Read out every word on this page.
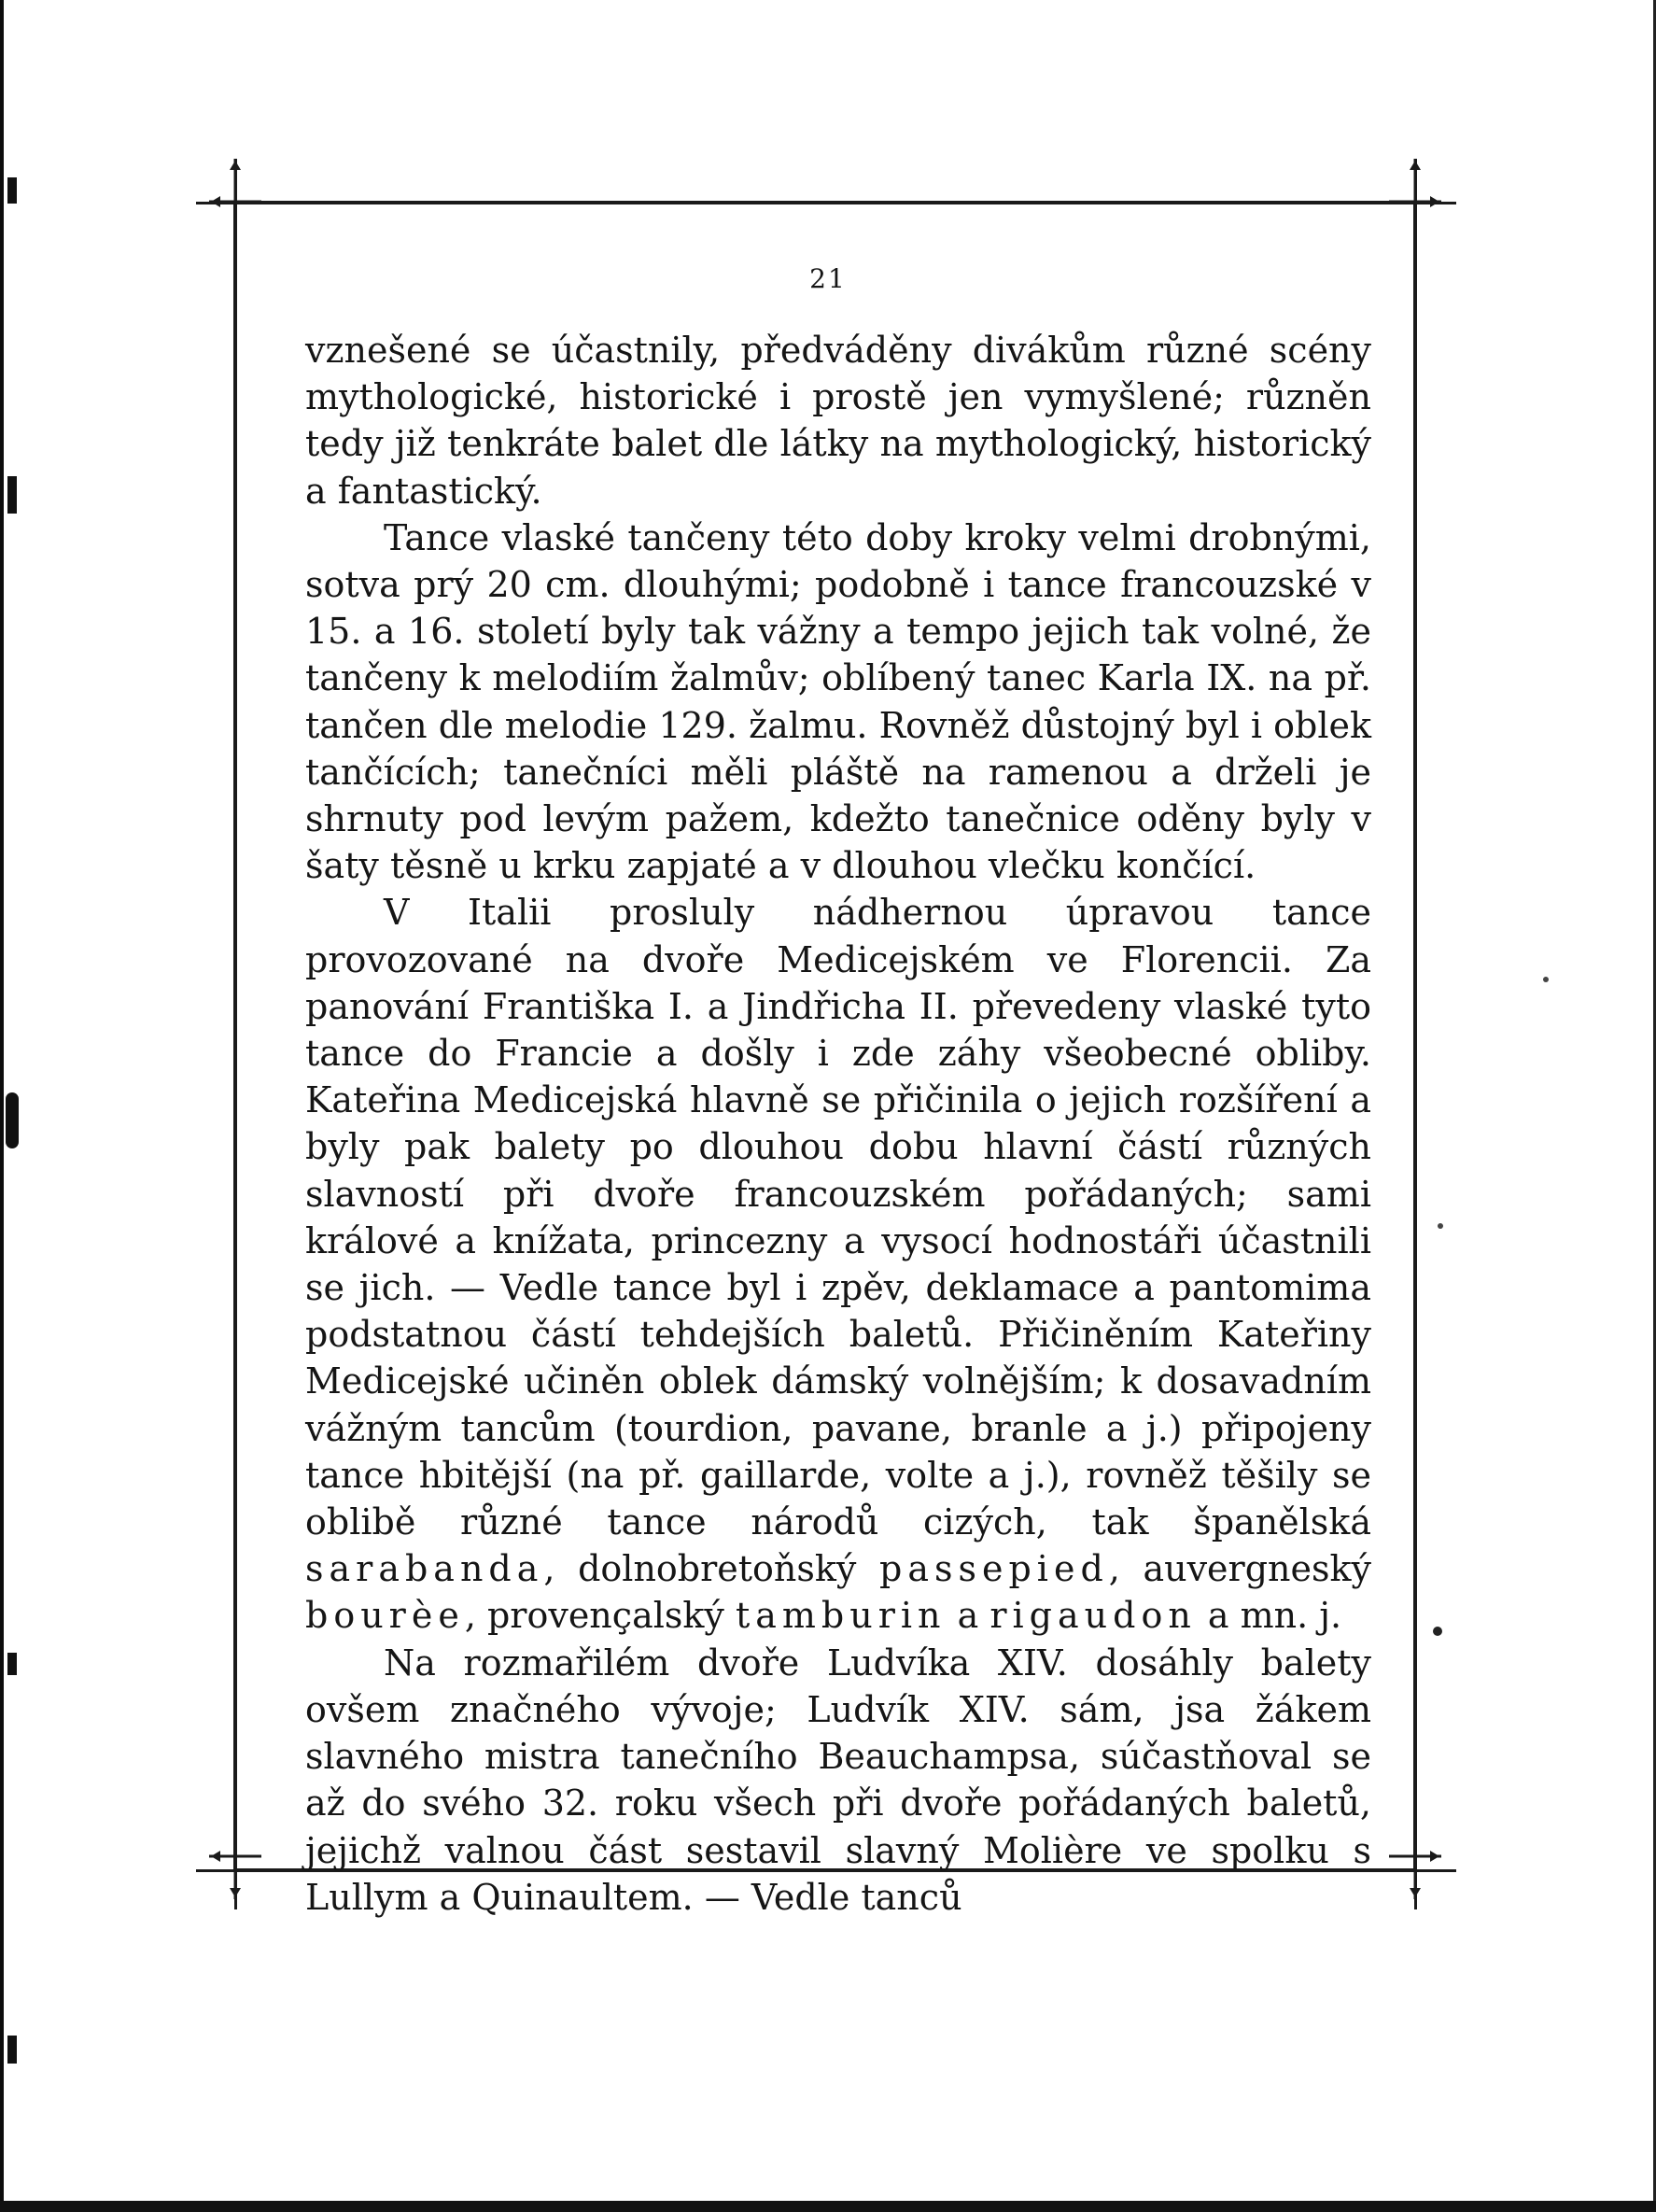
21

vznešené se účastnily, předváděny divákům různé scény mythologické, historické i prostě jen vymyšlené; různěn tedy již tenkráte balet dle látky na mythologický, historický a fantastický.

Tance vlaské tančeny této doby kroky velmi drobnými, sotva prý 20 cm. dlouhými; podobně i tance francouzské v 15. a 16. století byly tak vážny a tempo jejich tak volné, že tančeny k melodiím žalmův; oblíbený tanec Karla IX. na př. tančen dle melodie 129. žalmu. Rovněž důstojný byl i oblek tančících; tanečníci měli pláště na ramenou a drželi je shrnuty pod levým pažem, kdežto tanečnice oděny byly v šaty těsně u krku zapjaté a v dlouhou vlečku končící.

V Italii prosluly nádhernou úpravou tance provozované na dvoře Medicejském ve Florencii. Za panování Františka I. a Jindřicha II. převedeny vlaské tyto tance do Francie a došly i zde záhy všeobecné obliby. Kateřina Medicejská hlavně se přičinila o jejich rozšíření a byly pak balety po dlouhou dobu hlavní částí různých slavností při dvoře francouzském pořádaných; sami králové a knížata, princezny a vysocí hodnostáři účastnili se jich. — Vedle tance byl i zpěv, deklamace a pantomima podstatnou částí tehdejších baletů. Přičiněním Kateřiny Medicejské učiněn oblek dámský volnějším; k dosavadním vážným tancům (tourdion, pavane, branle a j.) připojeny tance hbitější (na př. gaillarde, volte a j.), rovněž těšily se oblibě různé tance národů cizých, tak španělská sarabanda, dolnobretoňský passepied, auvergneský bourèe, provençalský tamburin a rigaudon a mn. j.

Na rozmařilém dvoře Ludvíka XIV. dosáhly balety ovšem značného vývoje; Ludvík XIV. sám, jsa žákem slavného mistra tanečního Beauchampsa, súčastňoval se až do svého 32. roku všech při dvoře pořádaných baletů, jejichž valnou část sestavil slavný Molière ve spolku s Lullym a Quinaultem. — Vedle tanců
